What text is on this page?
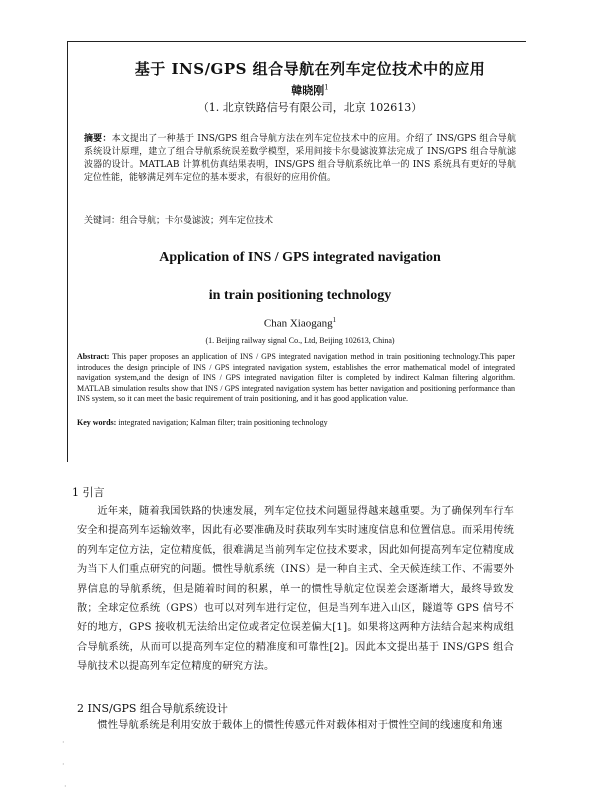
基于 INS/GPS 组合导航在列车定位技术中的应用
韓晓刚$^1$
（1. 北京铁路信号有限公司，北京 102613）
摘要：本文提出了一种基于 INS/GPS 组合导航方法在列车定位技术中的应用。介绍了 INS/GPS 组合导航系统设计原理，建立了组合导航系统误差数学模型，采用间接卡尔曼滤波算法完成了 INS/GPS 组合导航滤波器的设计。MATLAB 计算机仿真结果表明，INS/GPS 组合导航系统比单一的 INS 系统具有更好的导航定位性能，能够满足列车定位的基本要求，有很好的应用价值。
关键词：组合导航；卡尔曼滤波；列车定位技术
Application of INS / GPS integrated navigation
in train positioning technology
Chan Xiaogang$^1$
(1. Beijing railway signal Co., Ltd, Beijing 102613, China)
Abstract: This paper proposes an application of INS / GPS integrated navigation method in train positioning technology.This paper introduces the design principle of INS / GPS integrated navigation system, establishes the error mathematical model of integrated navigation system,and the design of INS / GPS integrated navigation filter is completed by indirect Kalman filtering algorithm. MATLAB simulation results show that INS / GPS integrated navigation system has better navigation and positioning performance than INS system, so it can meet the basic requirement of train positioning, and it has good application value.
Key words: integrated navigation; Kalman filter; train positioning technology
1 引言

近年来，随着我国铁路的快速发展，列车定位技术问题显得越来越重要。为了确保列车行车安全和提高列车运输效率，因此有必要准确及时获取列车实时速度信息和位置信息。而采用传统的列车定位方法，定位精度低，很难满足当前列车定位技术要求，因此如何提高列车定位精度成为当下人们重点研究的问题。惯性导航系统（INS）是一种自主式、全天候连续工作、不需要外界信息的导航系统，但是随着时间的积累，单一的惯性导航定位误差会逐渐增大，最终导致发散；全球定位系统（GPS）也可以对列车进行定位，但是当列车进入山区，隧道等 GPS 信号不好的地方，GPS 接收机无法给出定位或者定位误差偏大[1]。如果将这两种方法结合起来构成组合导航系统，从而可以提高列车定位的精准度和可靠性[2]。因此本文提出基于 INS/GPS 组合导航技术以提高列车定位精度的研究方法。

2 INS/GPS 组合导航系统设计

惯性导航系统是利用安放于载体上的惯性传感元件对载体相对于惯性空间的线速度和角速

·
·
·
